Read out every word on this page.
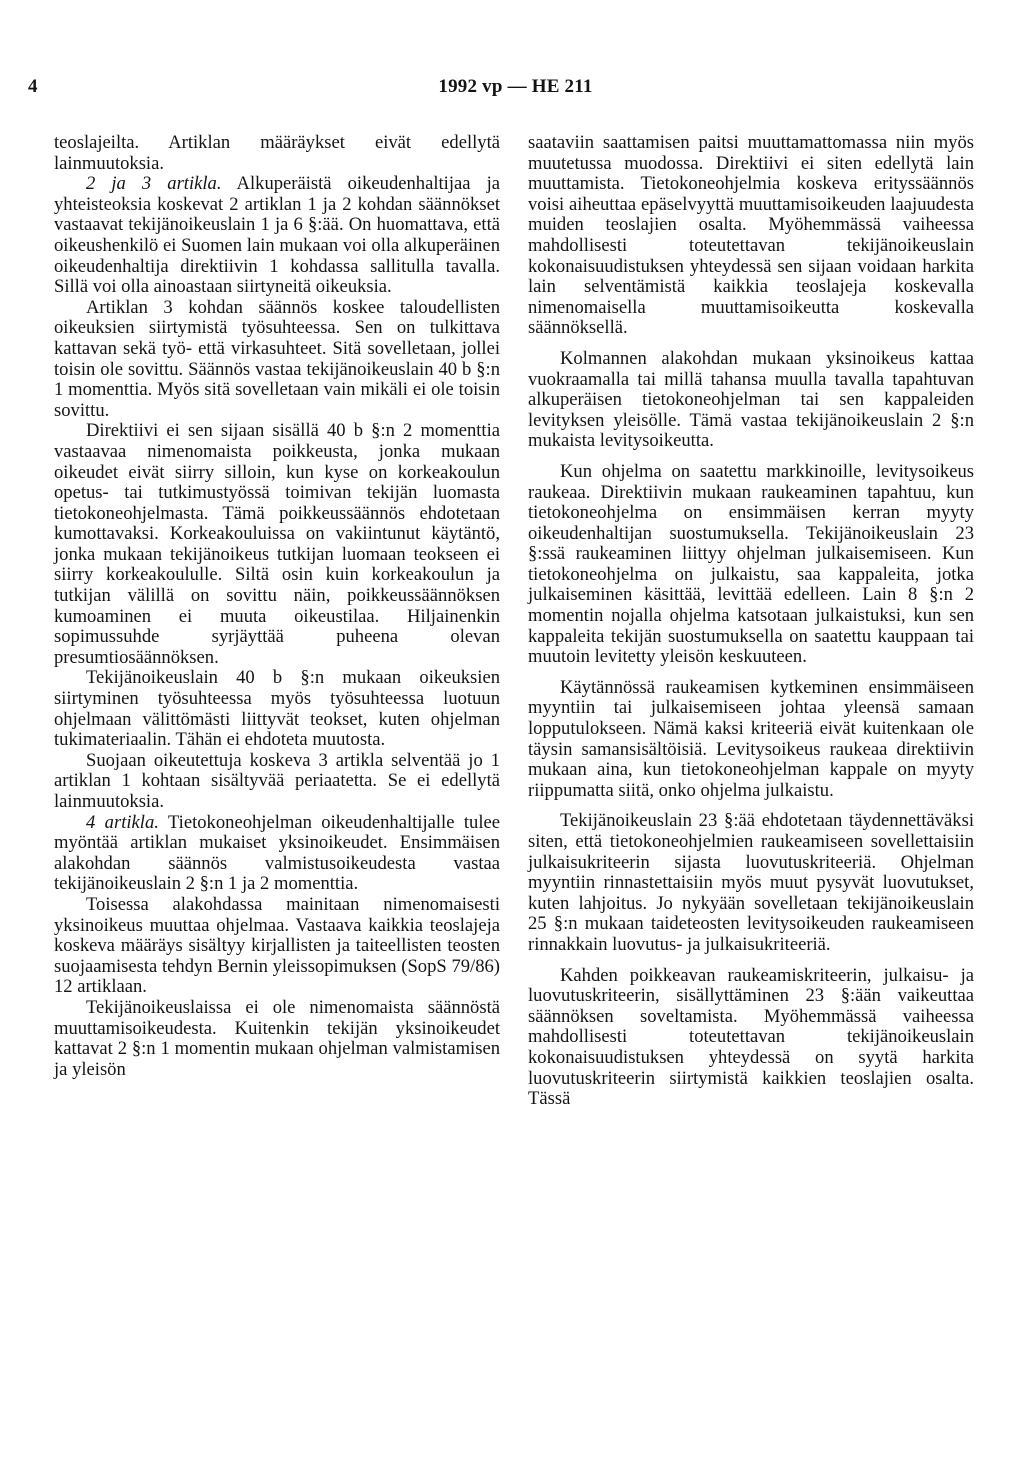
4	1992 vp — HE 211

teoslajeilta. Artiklan määräykset eivät edellytä lainmuutoksia.

2 ja 3 artikla. Alkuperäistä oikeudenhaltijaa ja yhteisteoksia koskevat 2 artiklan 1 ja 2 kohdan säännökset vastaavat tekijänoikeuslain 1 ja 6 §:ää. On huomattava, että oikeushenkilö ei Suomen lain mukaan voi olla alkuperäinen oikeudenhaltija direktiivin 1 kohdassa sallitulla tavalla. Sillä voi olla ainoastaan siirtyneitä oikeuksia.

Artiklan 3 kohdan säännös koskee taloudellisten oikeuksien siirtymistä työsuhteessa. Sen on tulkittava kattavan sekä työ- että virkasuhteet. Sitä sovelletaan, jollei toisin ole sovittu. Säännös vastaa tekijänoikeuslain 40 b §:n 1 momenttia. Myös sitä sovelletaan vain mikäli ei ole toisin sovittu.

Direktiivi ei sen sijaan sisällä 40 b §:n 2 momenttia vastaavaa nimenomaista poikkeusta, jonka mukaan oikeudet eivät siirry silloin, kun kyse on korkeakoulun opetus- tai tutkimustyössä toimivan tekijän luomasta tietokoneohjelmasta. Tämä poikkeussäännös ehdotetaan kumottavaksi. Korkeakouluissa on vakiintunut käytäntö, jonka mukaan tekijänoikeus tutkijan luomaan teokseen ei siirry korkeakoululle. Siltä osin kuin korkeakoulun ja tutkijan välillä on sovittu näin, poikkeussäännöksen kumoaminen ei muuta oikeustilaa. Hiljainenkin sopimussuhde syrjäyttää puheena olevan presumtiosäännöksen.

Tekijänoikeuslain 40 b §:n mukaan oikeuksien siirtyminen työsuhteessa myös työsuhteessa luotuun ohjelmaan välittömästi liittyvät teokset, kuten ohjelman tukimateriaalin. Tähän ei ehdoteta muutosta.

Suojaan oikeutettuja koskeva 3 artikla selventää jo 1 artiklan 1 kohtaan sisältyvää periaatetta. Se ei edellytä lainmuutoksia.

4 artikla. Tietokoneohjelman oikeudenhaltijalle tulee myöntää artiklan mukaiset yksinoikeudet. Ensimmäisen alakohdan säännös valmistusoikeudesta vastaa tekijänoikeuslain 2 §:n 1 ja 2 momenttia.

Toisessa alakohdassa mainitaan nimenomaisesti yksinoikeus muuttaa ohjelmaa. Vastaava kaikkia teoslajeja koskeva määräys sisältyy kirjallisten ja taiteellisten teosten suojaamisesta tehdyn Bernin yleissopimuksen (SopS 79/86) 12 artiklaan.

Tekijänoikeuslaissa ei ole nimenomaista säännöstä muuttamisoikeudesta. Kuitenkin tekijän yksinoikeudet kattavat 2 §:n 1 momentin mukaan ohjelman valmistamisen ja yleisön

saataviin saattamisen paitsi muuttamattomassa niin myös muutetussa muodossa. Direktiivi ei siten edellytä lain muuttamista. Tietokoneohjelmia koskeva erityssäännös voisi aiheuttaa epäselvyyttä muuttamisoikeuden laajuudesta muiden teoslajien osalta. Myöhemmässä vaiheessa mahdollisesti toteutettavan tekijänoikeuslain kokonaisuudistuksen yhteydessä sen sijaan voidaan harkita lain selventämistä kaikkia teoslajeja koskevalla nimenomaisella muuttamisoikeutta koskevalla säännöksellä.

Kolmannen alakohdan mukaan yksinoikeus kattaa vuokraamalla tai millä tahansa muulla tavalla tapahtuvan alkuperäisen tietokoneohjelman tai sen kappaleiden levityksen yleisölle. Tämä vastaa tekijänoikeuslain 2 §:n mukaista levitysoikeutta.

Kun ohjelma on saatettu markkinoille, levitysoikeus raukeaa. Direktiivin mukaan raukeaminen tapahtuu, kun tietokoneohjelma on ensimmäisen kerran myyty oikeudenhaltijan suostumuksella. Tekijänoikeuslain 23 §:ssä raukeaminen liittyy ohjelman julkaisemiseen. Kun tietokoneohjelma on julkaistu, saa kappaleita, jotka julkaiseminen käsittää, levittää edelleen. Lain 8 §:n 2 momentin nojalla ohjelma katsotaan julkaistuksi, kun sen kappaleita tekijän suostumuksella on saatettu kauppaan tai muutoin levitetty yleisön keskuuteen.

Käytännössä raukeamisen kytkeminen ensimmäiseen myyntiin tai julkaisemiseen johtaa yleensä samaan lopputulokseen. Nämä kaksi kriteeriä eivät kuitenkaan ole täysin samansisältöisiä. Levitysoikeus raukeaa direktiivin mukaan aina, kun tietokoneohjelman kappale on myyty riippumatta siitä, onko ohjelma julkaistu.

Tekijänoikeuslain 23 §:ää ehdotetaan täydennettäväksi siten, että tietokoneohjelmien raukeamiseen sovellettaisiin julkaisukriteerin sijasta luovutuskriteeriä. Ohjelman myyntiin rinnastettaisiin myös muut pysyvät luovutukset, kuten lahjoitus. Jo nykyään sovelletaan tekijänoikeuslain 25 §:n mukaan taideteosten levitysoikeuden raukeamiseen rinnakkain luovutus- ja julkaisukriteeriä.

Kahden poikkeavan raukeamiskriteerin, julkaisu- ja luovutuskriteerin, sisällyttäminen 23 §:ään vaikeuttaa säännöksen soveltamista. Myöhemmässä vaiheessa mahdollisesti toteutettavan tekijänoikeuslain kokonaisuudistuksen yhteydessä on syytä harkita luovutuskriteerin siirtymistä kaikkien teoslajien osalta. Tässä
